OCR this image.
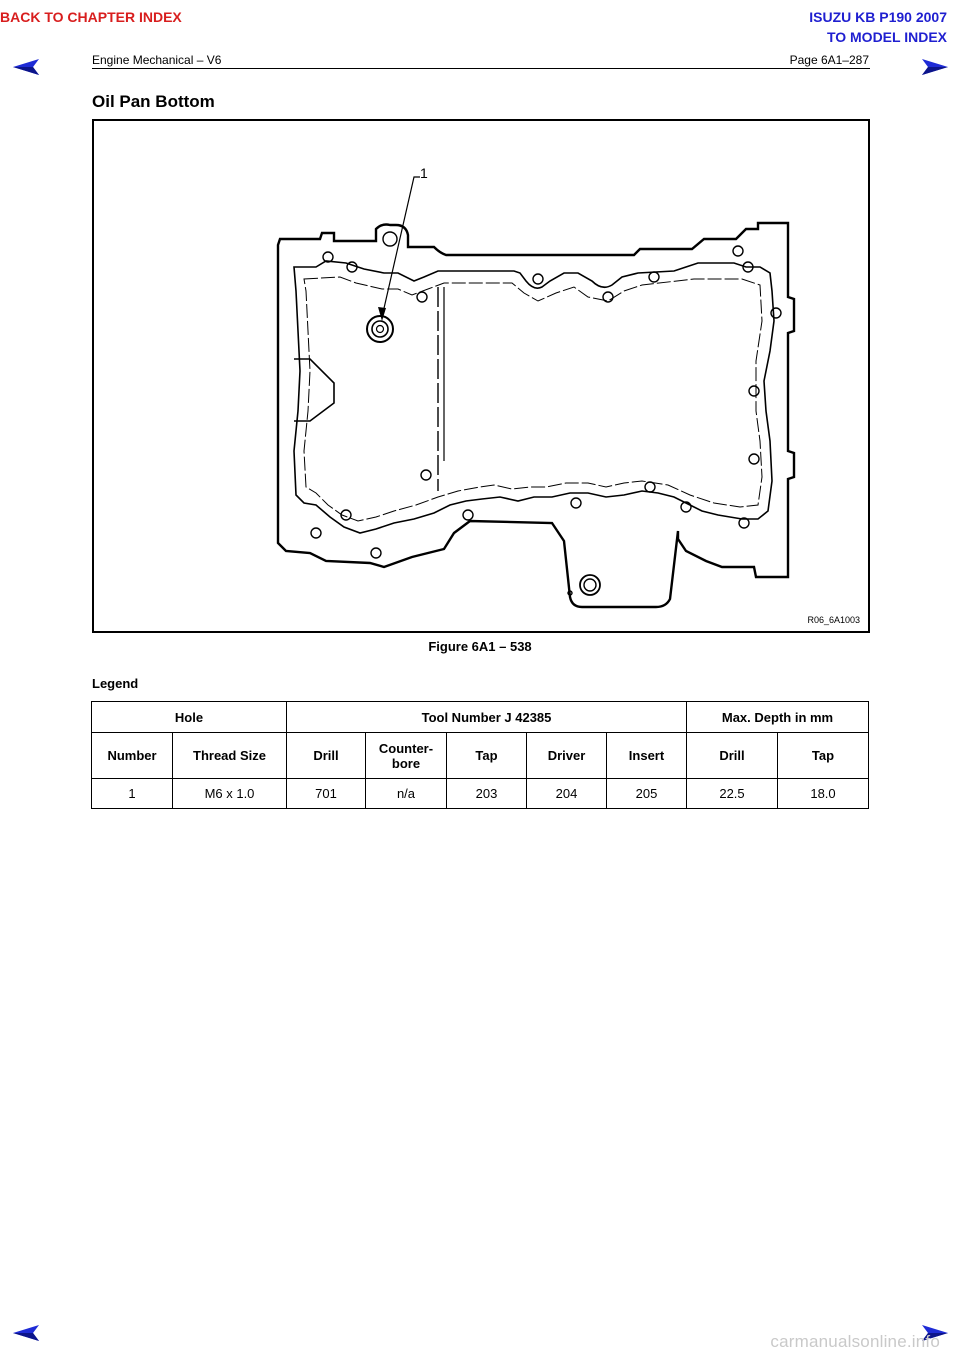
BACK TO CHAPTER INDEX	ISUZU KB P190 2007
TO MODEL INDEX
Engine Mechanical – V6	Page 6A1–287
Oil Pan Bottom
R06_6A1003
1
Figure 6A1 – 538
Legend
Hole		Tool Number J 42385					Max. Depth in mm	
Number	Thread Size	Drill	Counter-bore	Tap	Driver	Insert	Drill	Tap
1	M6 x 1.0	701	n/a	203	204	205	22.5	18.0
carmanualsonline.info
